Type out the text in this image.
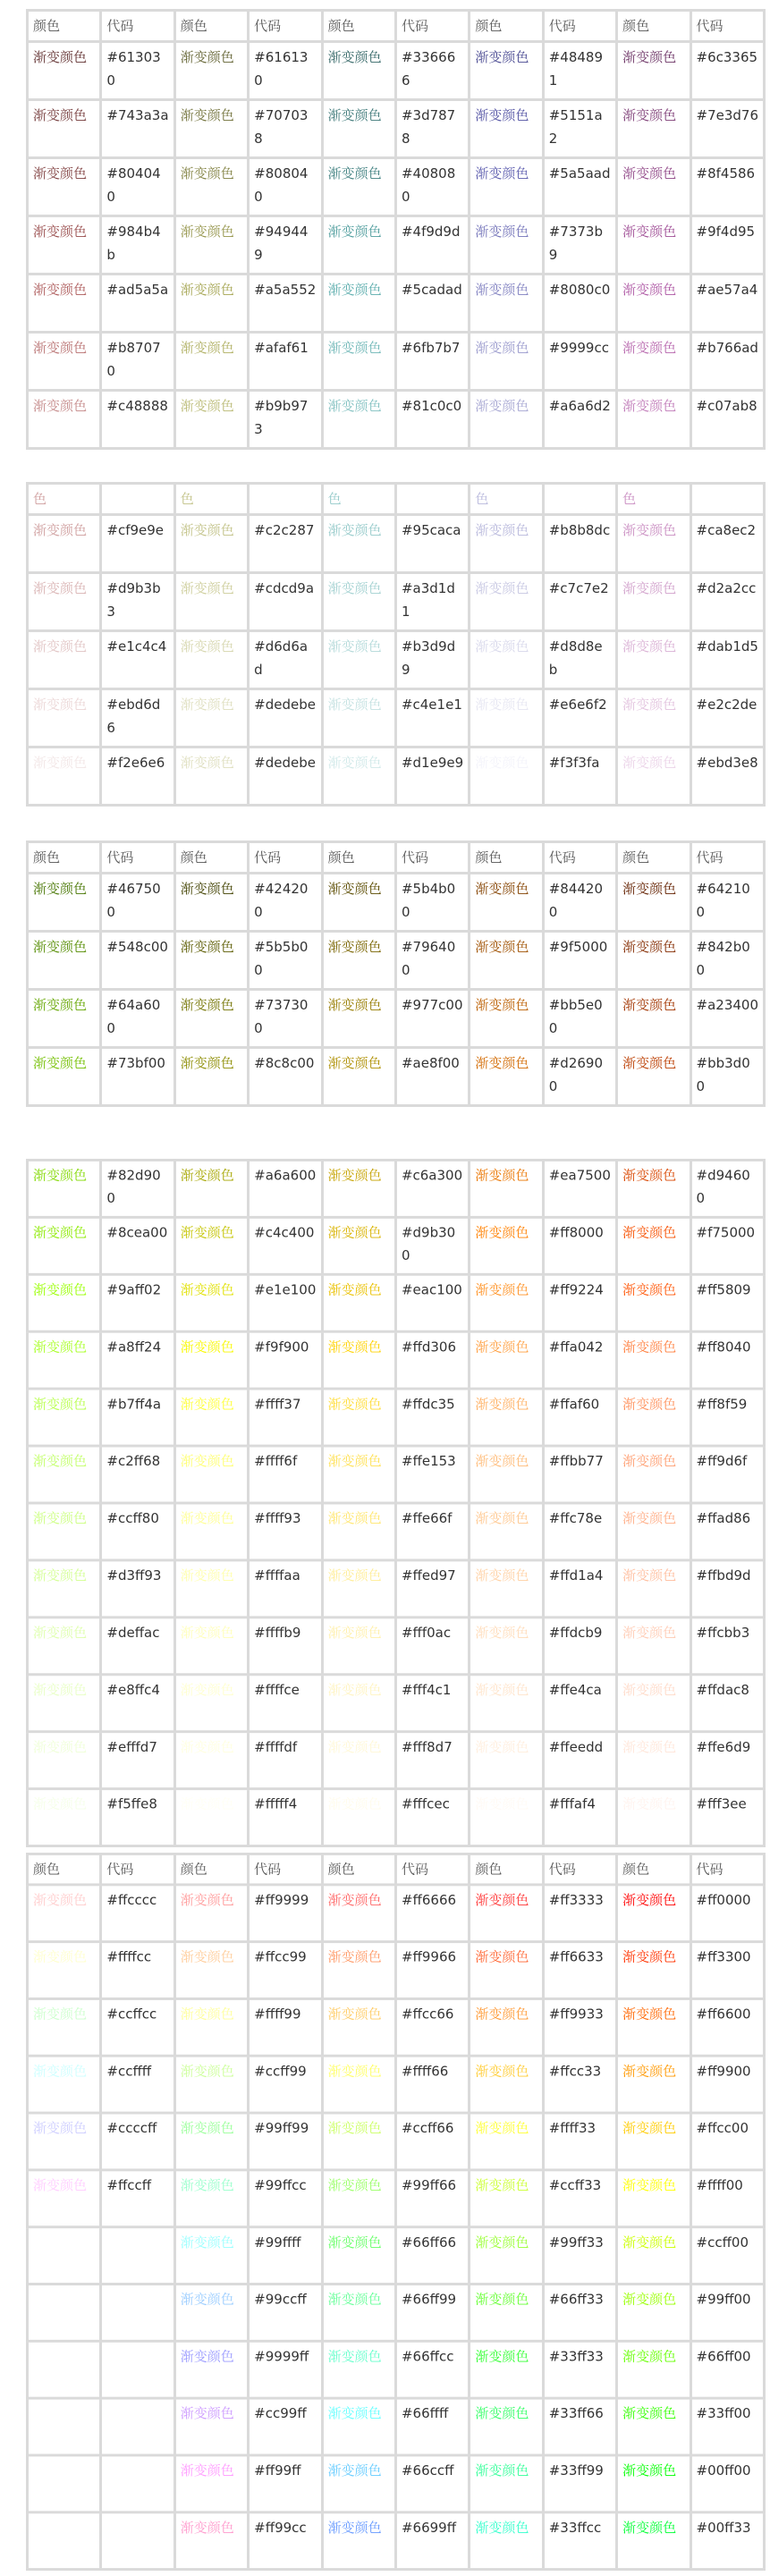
颜色	代码	颜色	代码	颜色	代码	颜色	代码	颜色	代码
渐变颜色	#613030	渐变颜色	#616130	渐变颜色	#336666	渐变颜色	#484891	渐变颜色	#6c3365
渐变颜色	#743a3a	渐变颜色	#707038	渐变颜色	#3d7878	渐变颜色	#5151a2	渐变颜色	#7e3d76
渐变颜色	#804040	渐变颜色	#808040	渐变颜色	#408080	渐变颜色	#5a5aad	渐变颜色	#8f4586
渐变颜色	#984b4b	渐变颜色	#949449	渐变颜色	#4f9d9d	渐变颜色	#7373b9	渐变颜色	#9f4d95
渐变颜色	#ad5a5a	渐变颜色	#a5a552	渐变颜色	#5cadad	渐变颜色	#8080c0	渐变颜色	#ae57a4
渐变颜色	#b87070	渐变颜色	#afaf61	渐变颜色	#6fb7b7	渐变颜色	#9999cc	渐变颜色	#b766ad
渐变颜色	#c48888	渐变颜色	#b9b973	渐变颜色	#81c0c0	渐变颜色	#a6a6d2	渐变颜色	#c07ab8
色		色		色		色		色	
渐变颜色	#cf9e9e	渐变颜色	#c2c287	渐变颜色	#95caca	渐变颜色	#b8b8dc	渐变颜色	#ca8ec2
渐变颜色	#d9b3b3	渐变颜色	#cdcd9a	渐变颜色	#a3d1d1	渐变颜色	#c7c7e2	渐变颜色	#d2a2cc
渐变颜色	#e1c4c4	渐变颜色	#d6d6ad	渐变颜色	#b3d9d9	渐变颜色	#d8d8eb	渐变颜色	#dab1d5
渐变颜色	#ebd6d6	渐变颜色	#dedebe	渐变颜色	#c4e1e1	渐变颜色	#e6e6f2	渐变颜色	#e2c2de
渐变颜色	#f2e6e6	渐变颜色	#dedebe	渐变颜色	#d1e9e9	渐变颜色	#f3f3fa	渐变颜色	#ebd3e8
颜色	代码	颜色	代码	颜色	代码	颜色	代码	颜色	代码
渐变颜色	#467500	渐变颜色	#424200	渐变颜色	#5b4b00	渐变颜色	#844200	渐变颜色	#642100
渐变颜色	#548c00	渐变颜色	#5b5b00	渐变颜色	#796400	渐变颜色	#9f5000	渐变颜色	#842b00
渐变颜色	#64a600	渐变颜色	#737300	渐变颜色	#977c00	渐变颜色	#bb5e00	渐变颜色	#a23400
渐变颜色	#73bf00	渐变颜色	#8c8c00	渐变颜色	#ae8f00	渐变颜色	#d26900	渐变颜色	#bb3d00
渐变颜色	#82d900	渐变颜色	#a6a600	渐变颜色	#c6a300	渐变颜色	#ea7500	渐变颜色	#d94600
渐变颜色	#8cea00	渐变颜色	#c4c400	渐变颜色	#d9b300	渐变颜色	#ff8000	渐变颜色	#f75000
渐变颜色	#9aff02	渐变颜色	#e1e100	渐变颜色	#eac100	渐变颜色	#ff9224	渐变颜色	#ff5809
渐变颜色	#a8ff24	渐变颜色	#f9f900	渐变颜色	#ffd306	渐变颜色	#ffa042	渐变颜色	#ff8040
渐变颜色	#b7ff4a	渐变颜色	#ffff37	渐变颜色	#ffdc35	渐变颜色	#ffaf60	渐变颜色	#ff8f59
渐变颜色	#c2ff68	渐变颜色	#ffff6f	渐变颜色	#ffe153	渐变颜色	#ffbb77	渐变颜色	#ff9d6f
渐变颜色	#ccff80	渐变颜色	#ffff93	渐变颜色	#ffe66f	渐变颜色	#ffc78e	渐变颜色	#ffad86
渐变颜色	#d3ff93	渐变颜色	#ffffaa	渐变颜色	#ffed97	渐变颜色	#ffd1a4	渐变颜色	#ffbd9d
渐变颜色	#deffac	渐变颜色	#ffffb9	渐变颜色	#fff0ac	渐变颜色	#ffdcb9	渐变颜色	#ffcbb3
渐变颜色	#e8ffc4	渐变颜色	#ffffce	渐变颜色	#fff4c1	渐变颜色	#ffe4ca	渐变颜色	#ffdac8
渐变颜色	#efffd7	渐变颜色	#ffffdf	渐变颜色	#fff8d7	渐变颜色	#ffeedd	渐变颜色	#ffe6d9
渐变颜色	#f5ffe8	渐变颜色	#fffff4	渐变颜色	#fffcec	渐变颜色	#fffaf4	渐变颜色	#fff3ee
颜色	代码	颜色	代码	颜色	代码	颜色	代码	颜色	代码
渐变颜色	#ffcccc	渐变颜色	#ff9999	渐变颜色	#ff6666	渐变颜色	#ff3333	渐变颜色	#ff0000
渐变颜色	#ffffcc	渐变颜色	#ffcc99	渐变颜色	#ff9966	渐变颜色	#ff6633	渐变颜色	#ff3300
渐变颜色	#ccffcc	渐变颜色	#ffff99	渐变颜色	#ffcc66	渐变颜色	#ff9933	渐变颜色	#ff6600
渐变颜色	#ccffff	渐变颜色	#ccff99	渐变颜色	#ffff66	渐变颜色	#ffcc33	渐变颜色	#ff9900
渐变颜色	#ccccff	渐变颜色	#99ff99	渐变颜色	#ccff66	渐变颜色	#ffff33	渐变颜色	#ffcc00
渐变颜色	#ffccff	渐变颜色	#99ffcc	渐变颜色	#99ff66	渐变颜色	#ccff33	渐变颜色	#ffff00
		渐变颜色	#99ffff	渐变颜色	#66ff66	渐变颜色	#99ff33	渐变颜色	#ccff00
		渐变颜色	#99ccff	渐变颜色	#66ff99	渐变颜色	#66ff33	渐变颜色	#99ff00
		渐变颜色	#9999ff	渐变颜色	#66ffcc	渐变颜色	#33ff33	渐变颜色	#66ff00
		渐变颜色	#cc99ff	渐变颜色	#66ffff	渐变颜色	#33ff66	渐变颜色	#33ff00
		渐变颜色	#ff99ff	渐变颜色	#66ccff	渐变颜色	#33ff99	渐变颜色	#00ff00
		渐变颜色	#ff99cc	渐变颜色	#6699ff	渐变颜色	#33ffcc	渐变颜色	#00ff33
